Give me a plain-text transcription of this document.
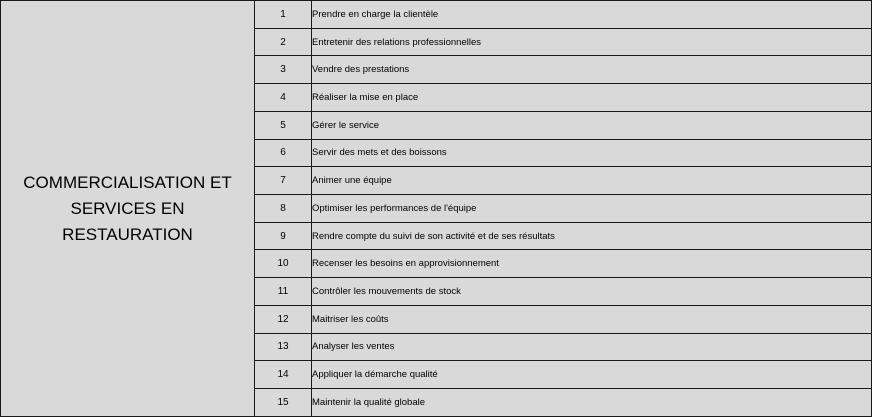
COMMERCIALISATION ET
SERVICES EN
RESTAURATION	1	Prendre en charge la clientèle
	2	Entretenir des relations professionnelles
	3	Vendre des prestations
	4	Réaliser la mise en place
	5	Gérer le service
	6	Servir des mets et des boissons
	7	Animer une équipe
	8	Optimiser les performances de l'équipe
	9	Rendre compte du suivi de son activité et de ses résultats
	10	Recenser les besoins en approvisionnement
	11	Contrôler les mouvements de stock
	12	Maitriser les coûts
	13	Analyser les ventes
	14	Appliquer la démarche qualité
	15	Maintenir la qualité globale
